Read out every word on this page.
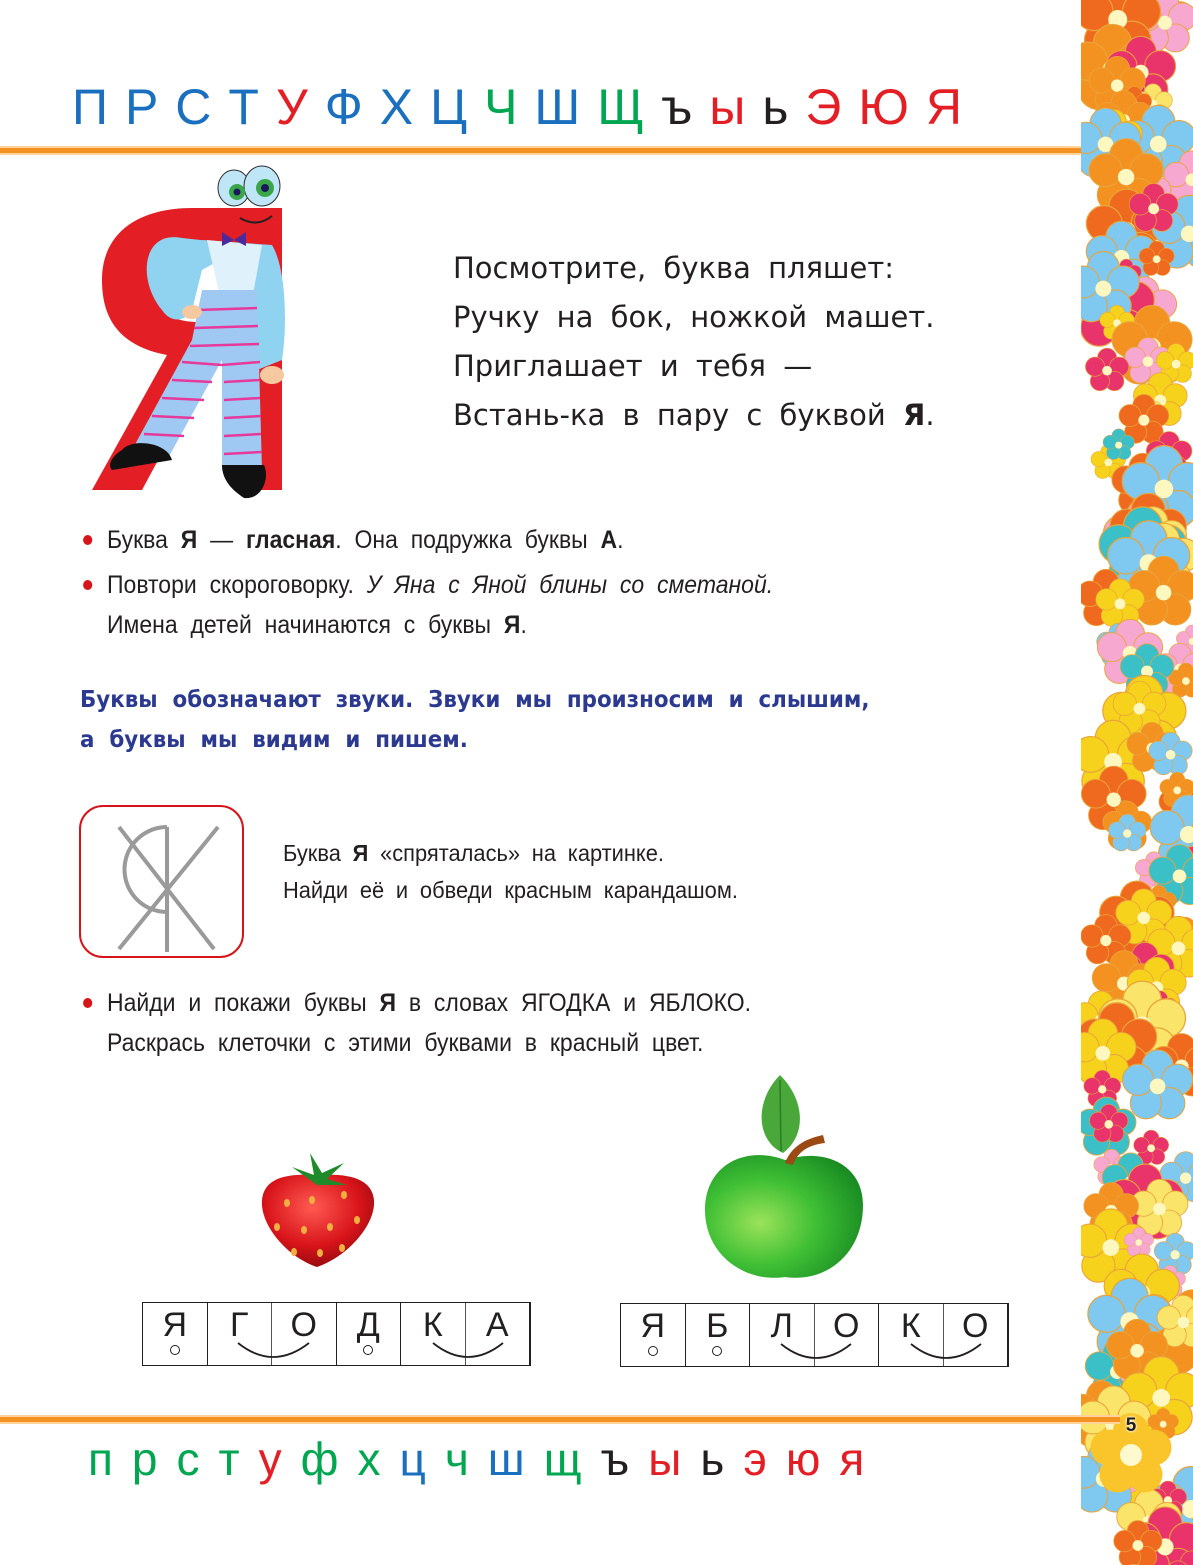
П Р С Т У Ф Х Ц Ч Ш Щ ъ ы ь Э Ю Я
Посмотрите, буква пляшет:
Ручку на бок, ножкой машет.
Приглашает и тебя —
Встань-ка в пару с буквой Я.
Буква Я — гласная. Она подружка буквы А.
Повтори скороговорку. У Яна с Яной блины со сметаной.
Имена детей начинаются с буквы Я.
Буквы обозначают звуки. Звуки мы произносим и слышим,
а буквы мы видим и пишем.
Буква Я «спряталась» на картинке.
Найди её и обведи красным карандашом.
Найди и покажи буквы Я в словах ЯГОДКА и ЯБЛОКО.
Раскрась клеточки с этими буквами в красный цвет.
Я Г О Д К А	Я Б Л О К О
п р с т у ф х ц ч ш щ ъ ы ь э ю я
5
